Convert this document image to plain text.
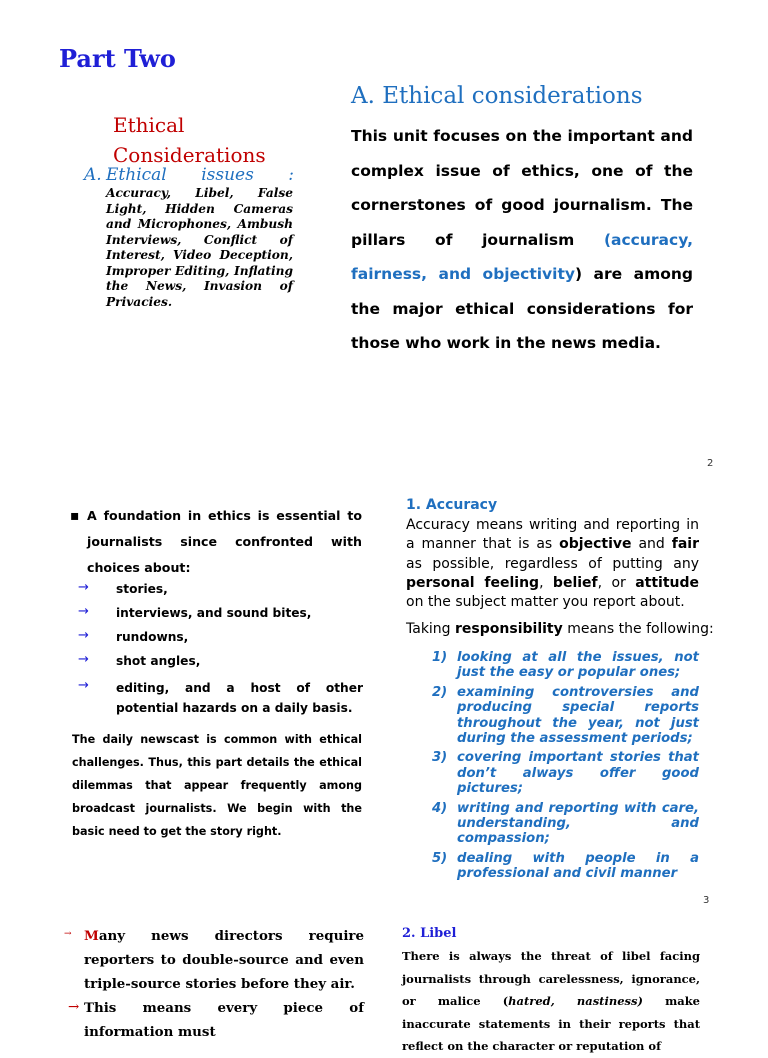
Part Two
Ethical
Considerations
A. Ethical issues :
Accuracy, Libel, False Light, Hidden Cameras and Microphones, Ambush Interviews, Conflict of Interest, Video Deception, Improper Editing, Inflating the News, Invasion of Privacies.
A. Ethical considerations
This unit focuses on the important and complex issue of ethics, one of the cornerstones of good journalism. The pillars of journalism (accuracy, fairness, and objectivity) are among the major ethical considerations for those who work in the news media.
2
▪ A foundation in ethics is essential to journalists since confronted with choices about:
→ stories,
→ interviews, and sound bites,
→ rundowns,
→ shot angles,
→ editing, and a host of other potential hazards on a daily basis.
The daily newscast is common with ethical challenges. Thus, this part details the ethical dilemmas that appear frequently among broadcast journalists. We begin with the basic need to get the story right.
1. Accuracy
Accuracy means writing and reporting in a manner that is as objective and fair as possible, regardless of putting any personal feeling, belief, or attitude on the subject matter you report about.
Taking responsibility means the following:
1) looking at all the issues, not just the easy or popular ones;
2) examining controversies and producing special reports throughout the year, not just during the assessment periods;
3) covering important stories that don’t always offer good pictures;
4) writing and reporting with care, understanding, and compassion;
5) dealing with people in a professional and civil manner
3
→ Many news directors require reporters to double-source and even triple-source stories before they air.
→ This means every piece of information must
2. Libel
There is always the threat of libel facing journalists through carelessness, ignorance, or malice (hatred, nastiness) make inaccurate statements in their reports that reflect on the character or reputation of
